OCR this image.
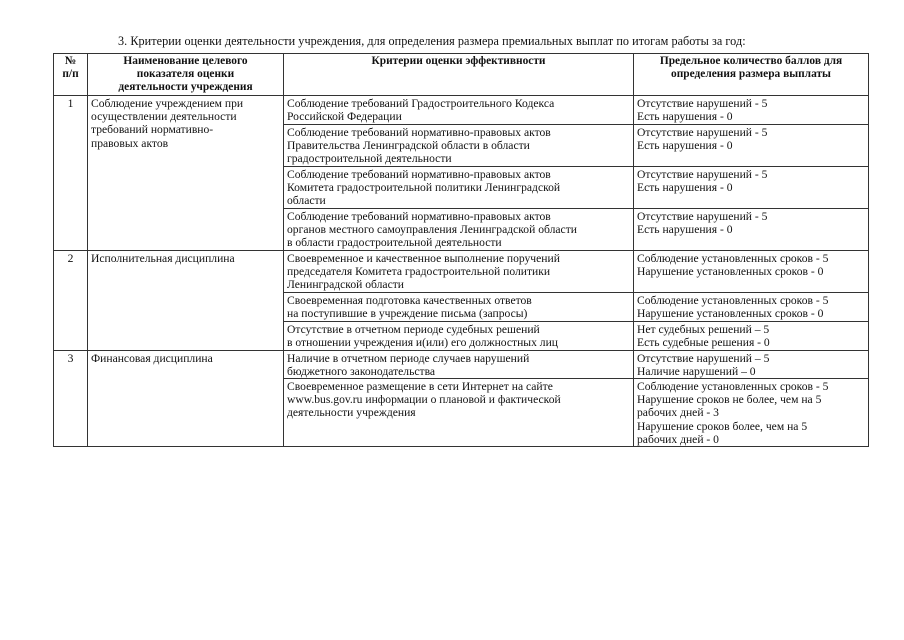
3. Критерии оценки деятельности учреждения, для определения размера премиальных выплат по итогам работы за год:
№
п/п	Наименование целевого
показателя оценки
деятельности учреждения	Критерии оценки эффективности	Предельное количество баллов для
определения размера выплаты
1	Соблюдение учреждением при
осуществлении деятельности
требований нормативно-
правовых актов	Соблюдение требований Градостроительного Кодекса
Российской Федерации	Отсутствие нарушений - 5
Есть нарушения - 0
		Соблюдение требований нормативно-правовых актов
Правительства Ленинградской области в области
градостроительной деятельности	Отсутствие нарушений - 5
Есть нарушения - 0
		Соблюдение требований нормативно-правовых актов
Комитета градостроительной политики Ленинградской
области	Отсутствие нарушений - 5
Есть нарушения - 0
		Соблюдение требований нормативно-правовых актов
органов местного самоуправления Ленинградской области
в области градостроительной деятельности	Отсутствие нарушений - 5
Есть нарушения - 0
2	Исполнительная дисциплина	Своевременное и качественное выполнение поручений
председателя Комитета градостроительной политики
Ленинградской области	Соблюдение установленных сроков - 5
Нарушение установленных сроков - 0
		Своевременная подготовка качественных ответов
на поступившие в учреждение письма (запросы)	Соблюдение установленных сроков - 5
Нарушение установленных сроков - 0
		Отсутствие в отчетном периоде судебных решений
в отношении учреждения и(или) его должностных лиц	Нет судебных решений – 5
Есть судебные решения - 0
3	Финансовая дисциплина	Наличие в отчетном периоде случаев нарушений
бюджетного законодательства	Отсутствие нарушений – 5
Наличие нарушений – 0
		Своевременное размещение в сети Интернет на сайте
www.bus.gov.ru информации о плановой и фактической
деятельности учреждения	Соблюдение установленных сроков - 5
Нарушение сроков не более, чем на 5
рабочих дней - 3
Нарушение сроков более, чем на 5
рабочих дней - 0
